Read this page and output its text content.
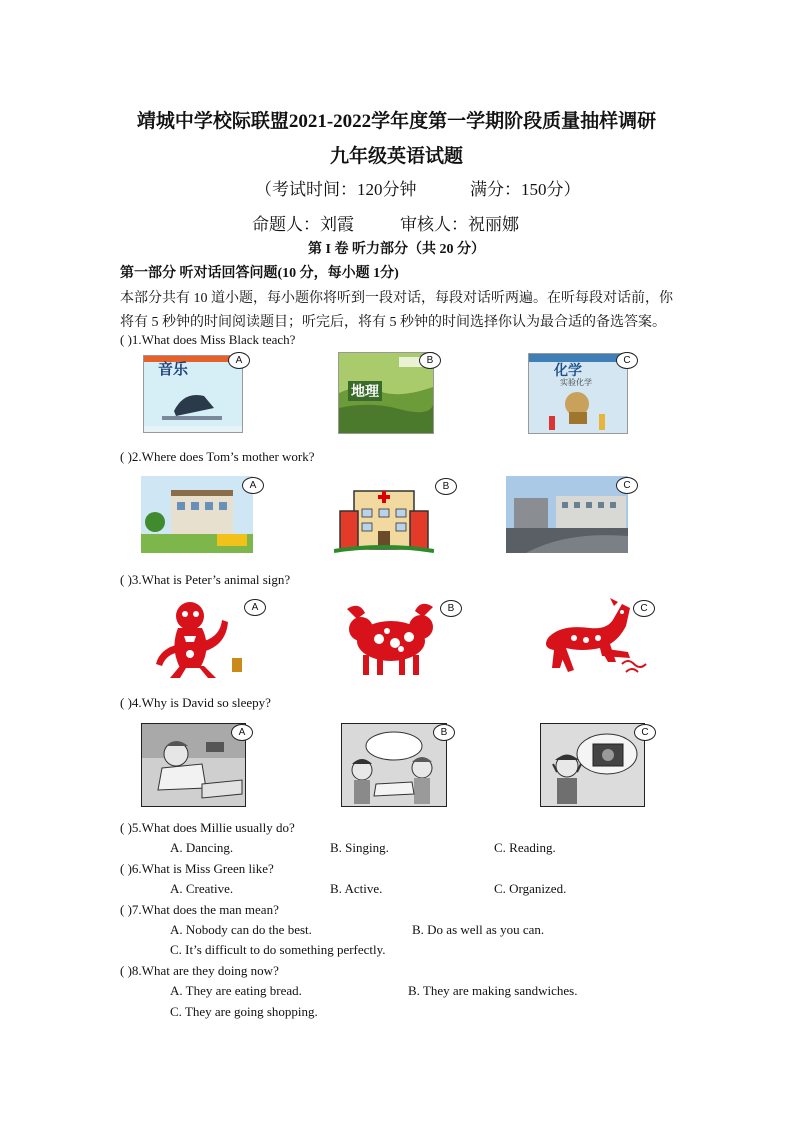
靖城中学校际联盟2021-2022学年度第一学期阶段质量抽样调研
九年级英语试题
（考试时间：120分钟	满分：150分）
命题人：刘霞	审核人：祝丽娜
第 I 卷 听力部分（共 20 分）
第一部分 听对话回答问题(10 分，每小题 1分)
本部分共有 10 道小题，每小题你将听到一段对话，每段对话听两遍。在听每段对话前，你
将有 5 秒钟的时间阅读题目；听完后，将有 5 秒钟的时间选择你认为最合适的备选答案。
( )1.What does Miss Black teach?
音乐	A
地理
B
化学
实验化学
C
( )2.Where does Tom’s mother work?
A	B	C
( )3.What is Peter’s animal sign?
A	B	C
( )4.Why is David so sleepy?
A	B	C
( )5.What does Millie usually do?
A. Dancing.	B. Singing.	C. Reading.
( )6.What is Miss Green like?
A. Creative.	B. Active.	C. Organized.
( )7.What does the man mean?
A. Nobody can do the best.	B. Do as well as you can.
C. It’s difficult to do something perfectly.
( )8.What are they doing now?
A. They are eating bread.	B. They are making sandwiches.
C. They are going shopping.
